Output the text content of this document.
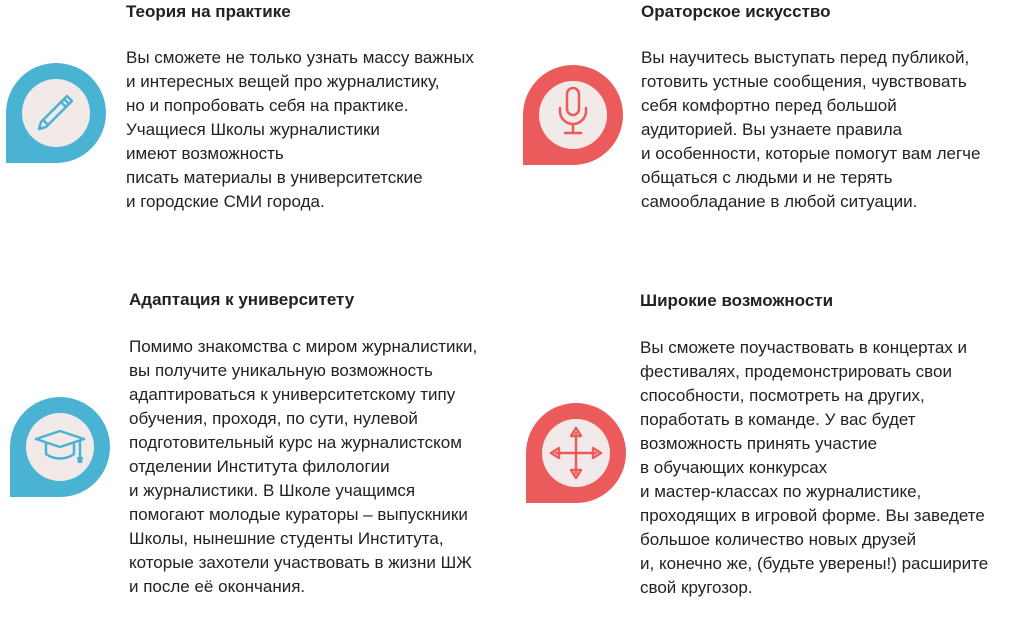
Теория на практике

Вы сможете не только узнать массу важных
и интересных вещей про журналистику,
но и попробовать себя на практике.
Учащиеся Школы журналистики
имеют возможность
писать материалы в университетские
и городские СМИ города.

Ораторское искусство

Вы научитесь выступать перед публикой,
готовить устные сообщения, чувствовать
себя комфортно перед большой
аудиторией. Вы узнаете правила
и особенности, которые помогут вам легче
общаться с людьми и не терять
самообладание в любой ситуации.

Адаптация к университету

Помимо знакомства с миром журналистики,
вы получите уникальную возможность
адаптироваться к университетскому типу
обучения, проходя, по сути, нулевой
подготовительный курс на журналистском
отделении Института филологии
и журналистики. В Школе учащимся
помогают молодые кураторы – выпускники
Школы, нынешние студенты Института,
которые захотели участвовать в жизни ШЖ
и после её окончания.

Широкие возможности

Вы сможете поучаствовать в концертах и
фестивалях, продемонстрировать свои
способности, посмотреть на других,
поработать в команде. У вас будет
возможность принять участие
в обучающих конкурсах
и мастер-классах по журналистике,
проходящих в игровой форме. Вы заведете
большое количество новых друзей
и, конечно же, (будьте уверены!) расширите
свой кругозор.
